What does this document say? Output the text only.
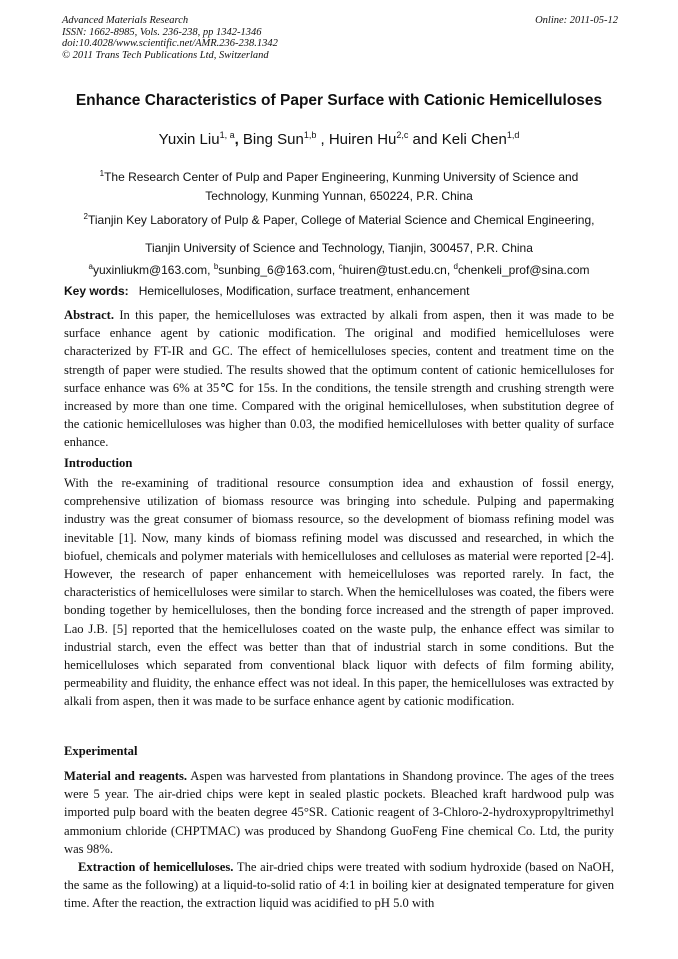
Advanced Materials Research
ISSN: 1662-8985, Vols. 236-238, pp 1342-1346
doi:10.4028/www.scientific.net/AMR.236-238.1342
© 2011 Trans Tech Publications Ltd, Switzerland
Online: 2011-05-12
Enhance Characteristics of Paper Surface with Cationic Hemicelluloses
Yuxin Liu$^{1, a}$, Bing Sun$^{1,b}$ , Huiren Hu$^{2,c}$ and Keli Chen$^{1,d}$
$^1$The Research Center of Pulp and Paper Engineering, Kunming University of Science and
Technology, Kunming Yunnan, 650224, P.R. China
$^2$Tianjin Key Laboratory of Pulp & Paper, College of Material Science and Chemical Engineering,
Tianjin University of Science and Technology, Tianjin, 300457, P.R. China
$^a$yuxinliukm@163.com, $^b$sunbing_6@163.com, $^c$huiren@tust.edu.cn, $^d$chenkeli_prof@sina.com
Key words: Hemicelluloses, Modification, surface treatment, enhancement
Abstract. In this paper, the hemicelluloses was extracted by alkali from aspen, then it was made to be surface enhance agent by cationic modification. The original and modified hemicelluloses were characterized by FT-IR and GC. The effect of hemicelluloses species, content and treatment time on the strength of paper were studied. The results showed that the optimum content of cationic hemicelluloses for surface enhance was 6% at 35℃ for 15s. In the conditions, the tensile strength and crushing strength were increased by more than one time. Compared with the original hemicelluloses, when substitution degree of the cationic hemicelluloses was higher than 0.03, the modified hemicelluloses with better quality of surface enhance.
Introduction
With the re-examining of traditional resource consumption idea and exhaustion of fossil energy, comprehensive utilization of biomass resource was bringing into schedule. Pulping and papermaking industry was the great consumer of biomass resource, so the development of biomass refining model was inevitable [1]. Now, many kinds of biomass refining model was discussed and researched, in which the biofuel, chemicals and polymer materials with hemicelluloses and celluloses as material were reported [2-4]. However, the research of paper enhancement with hemeicelluloses was reported rarely. In fact, the characteristics of hemicelluloses were similar to starch. When the hemicelluloses was coated, the fibers were bonding together by hemicelluloses, then the bonding force increased and the strength of paper improved. Lao J.B. [5] reported that the hemicelluloses coated on the waste pulp, the enhance effect was similar to industrial starch, even the effect was better than that of industrial starch in some conditions. But the hemicelluloses which separated from conventional black liquor with defects of film forming ability, permeability and fluidity, the enhance effect was not ideal. In this paper, the hemicelluloses was extracted by alkali from aspen, then it was made to be surface enhance agent by cationic modification.
Experimental
Material and reagents. Aspen was harvested from plantations in Shandong province. The ages of the trees were 5 year. The air-dried chips were kept in sealed plastic pockets. Bleached kraft hardwood pulp was imported pulp board with the beaten degree 45°SR. Cationic reagent of 3-Chloro-2-hydroxypropyltrimethyl ammonium chloride (CHPTMAC) was produced by Shandong GuoFeng Fine chemical Co. Ltd, the purity was 98%.
Extraction of hemicelluloses. The air-dried chips were treated with sodium hydroxide (based on NaOH, the same as the following) at a liquid-to-solid ratio of 4:1 in boiling kier at designated temperature for given time. After the reaction, the extraction liquid was acidified to pH 5.0 with
